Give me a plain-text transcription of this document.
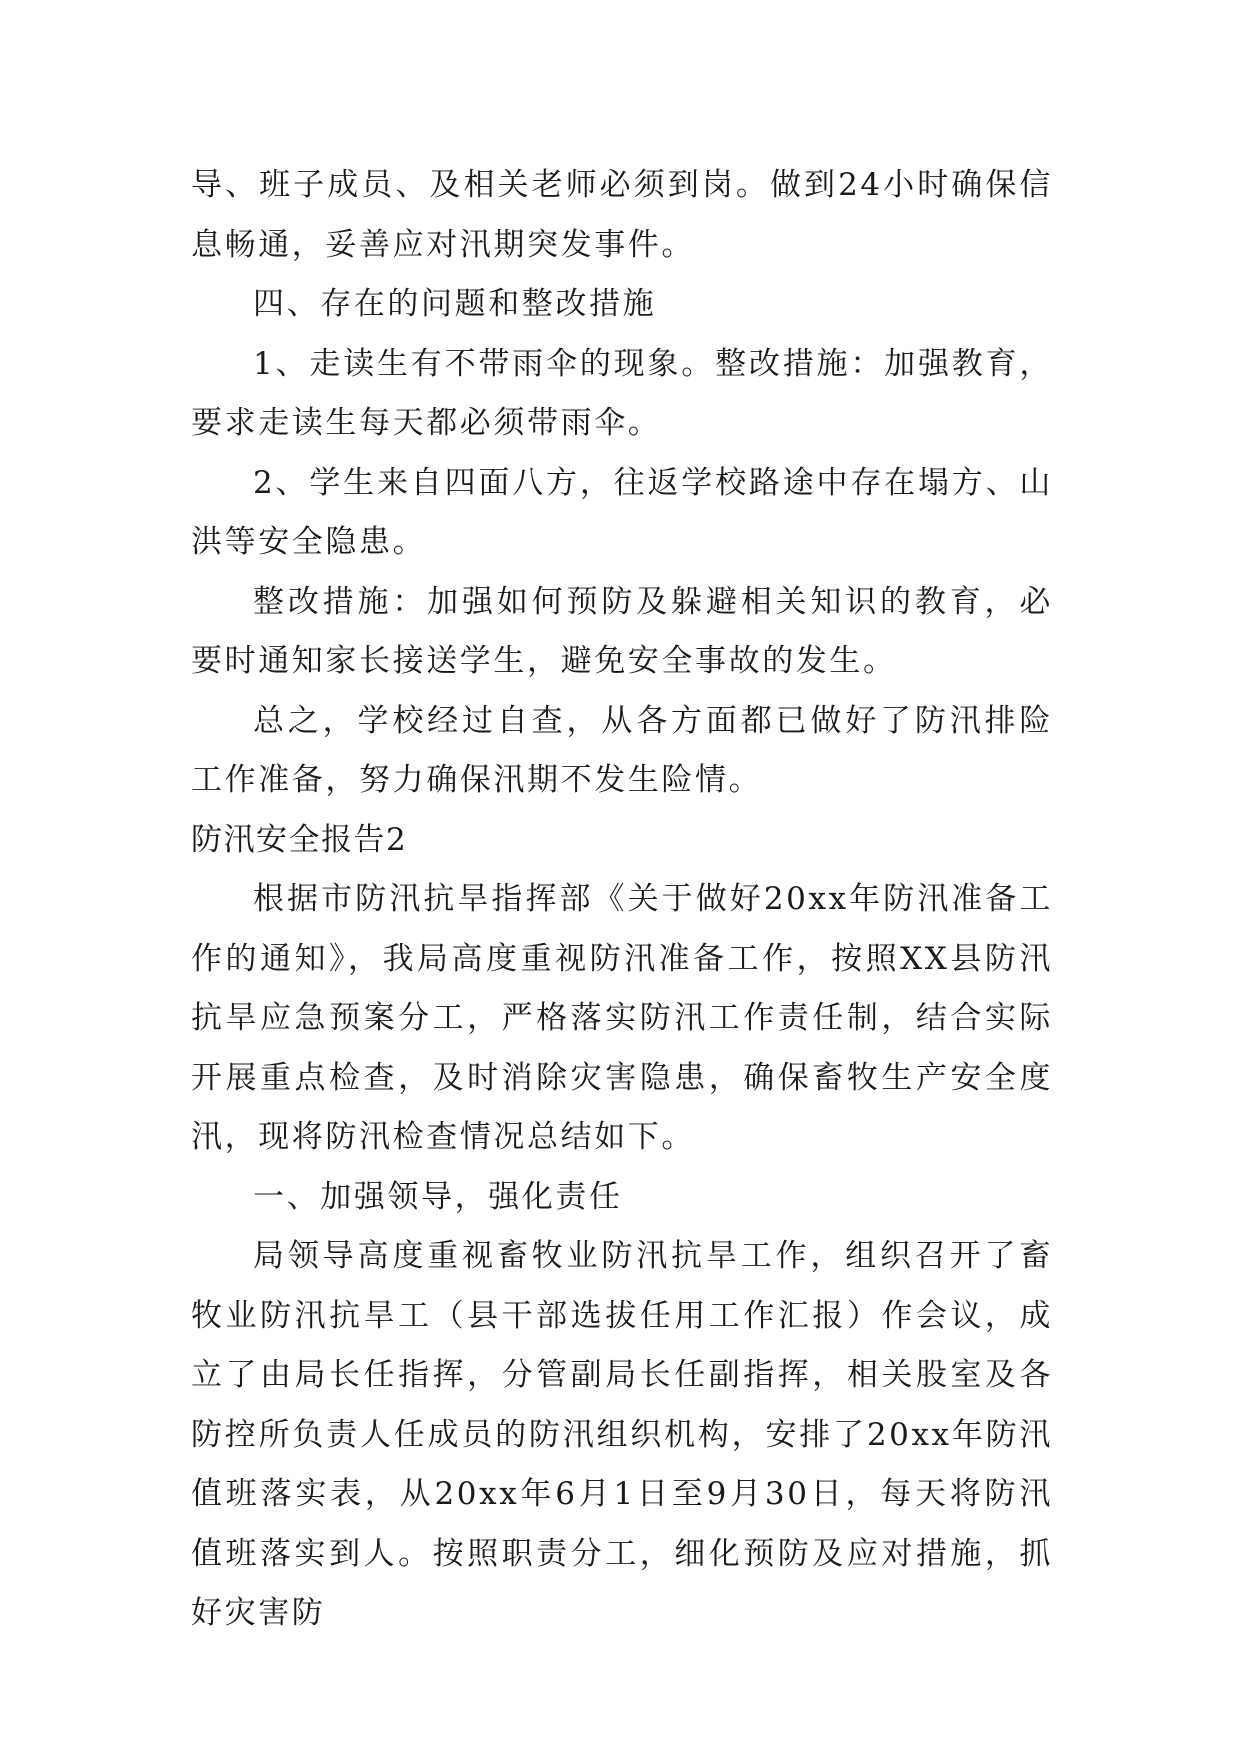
导、班子成员、及相关老师必须到岗。做到24小时确保信息畅通，妥善应对汛期突发事件。

四、存在的问题和整改措施

1、走读生有不带雨伞的现象。整改措施：加强教育，要求走读生每天都必须带雨伞。

2、学生来自四面八方，往返学校路途中存在塌方、山洪等安全隐患。

整改措施：加强如何预防及躲避相关知识的教育，必要时通知家长接送学生，避免安全事故的发生。

总之，学校经过自查，从各方面都已做好了防汛排险工作准备，努力确保汛期不发生险情。

防汛安全报告2

根据市防汛抗旱指挥部《关于做好20xx年防汛准备工作的通知》，我局高度重视防汛准备工作，按照XX县防汛抗旱应急预案分工，严格落实防汛工作责任制，结合实际开展重点检查，及时消除灾害隐患，确保畜牧生产安全度汛，现将防汛检查情况总结如下。

一、加强领导，强化责任

局领导高度重视畜牧业防汛抗旱工作，组织召开了畜牧业防汛抗旱工（县干部选拔任用工作汇报）作会议，成立了由局长任指挥，分管副局长任副指挥，相关股室及各防控所负责人任成员的防汛组织机构，安排了20xx年防汛值班落实表，从20xx年6月1日至9月30日，每天将防汛值班落实到人。按照职责分工，细化预防及应对措施，抓好灾害防
